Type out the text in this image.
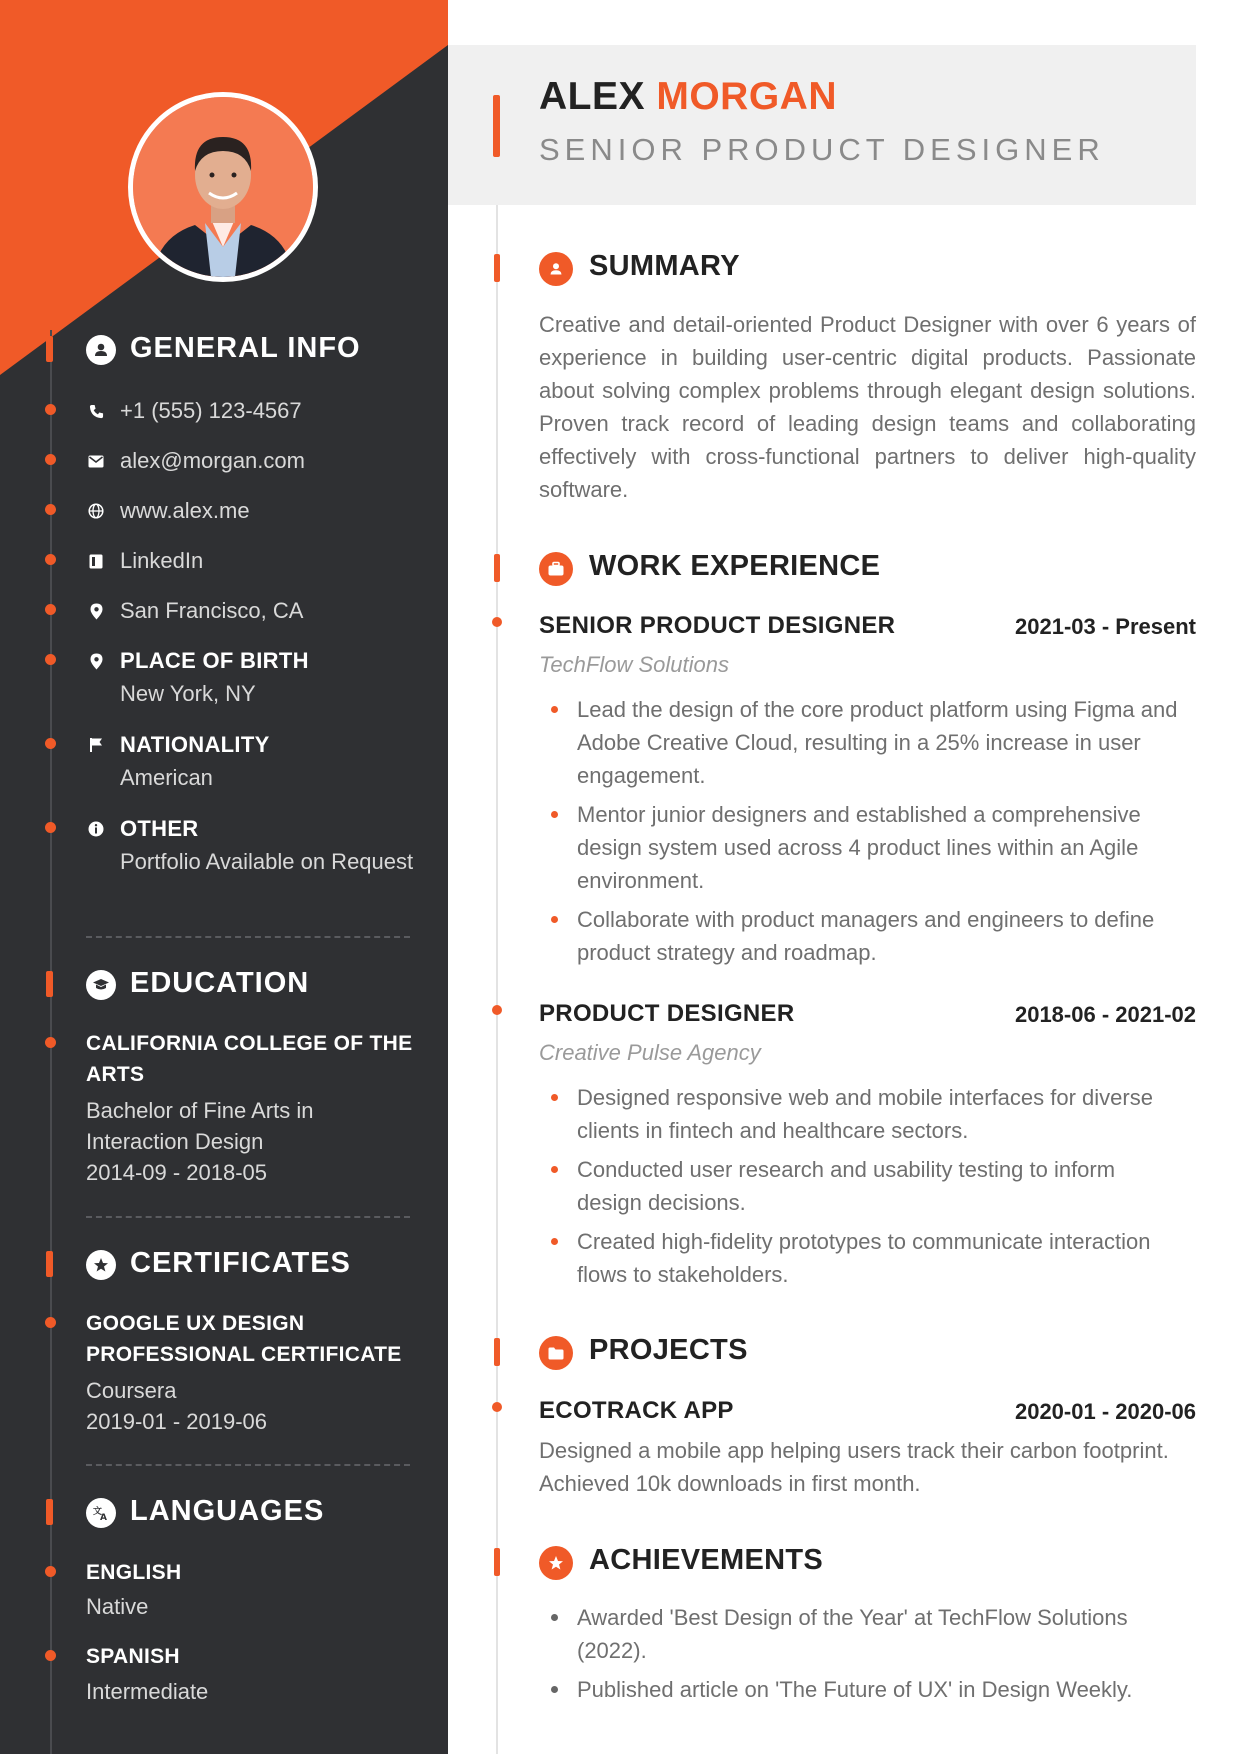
GENERAL INFO
+1 (555) 123-4567
alex@morgan.com
www.alex.me
LinkedIn
San Francisco, CA
PLACE OF BIRTH
New York, NY
NATIONALITY
American
OTHER
Portfolio Available on Request
EDUCATION
CALIFORNIA COLLEGE OF THE ARTS
Bachelor of Fine Arts in Interaction Design
2014-09 - 2018-05
CERTIFICATES
GOOGLE UX DESIGN PROFESSIONAL CERTIFICATE
Coursera
2019-01 - 2019-06
文
A LANGUAGES
ENGLISH
Native
SPANISH
Intermediate
ALEX MORGAN
SENIOR PRODUCT DESIGNER
SUMMARY
Creative and detail-oriented Product Designer with over 6 years of experience in building user-centric digital products. Passionate about solving complex problems through elegant design solutions. Proven track record of leading design teams and collaborating effectively with cross-functional partners to deliver high-quality software.
WORK EXPERIENCE
SENIOR PRODUCT DESIGNER	2021-03 - Present
TechFlow Solutions
Lead the design of the core product platform using Figma and Adobe Creative Cloud, resulting in a 25% increase in user engagement.
Mentor junior designers and established a comprehensive design system used across 4 product lines within an Agile environment.
Collaborate with product managers and engineers to define product strategy and roadmap.
PRODUCT DESIGNER	2018-06 - 2021-02
Creative Pulse Agency
Designed responsive web and mobile interfaces for diverse clients in fintech and healthcare sectors.
Conducted user research and usability testing to inform design decisions.
Created high-fidelity prototypes to communicate interaction flows to stakeholders.
PROJECTS
ECOTRACK APP	2020-01 - 2020-06
Designed a mobile app helping users track their carbon footprint. Achieved 10k downloads in first month.
ACHIEVEMENTS
Awarded 'Best Design of the Year' at TechFlow Solutions (2022).
Published article on 'The Future of UX' in Design Weekly.
